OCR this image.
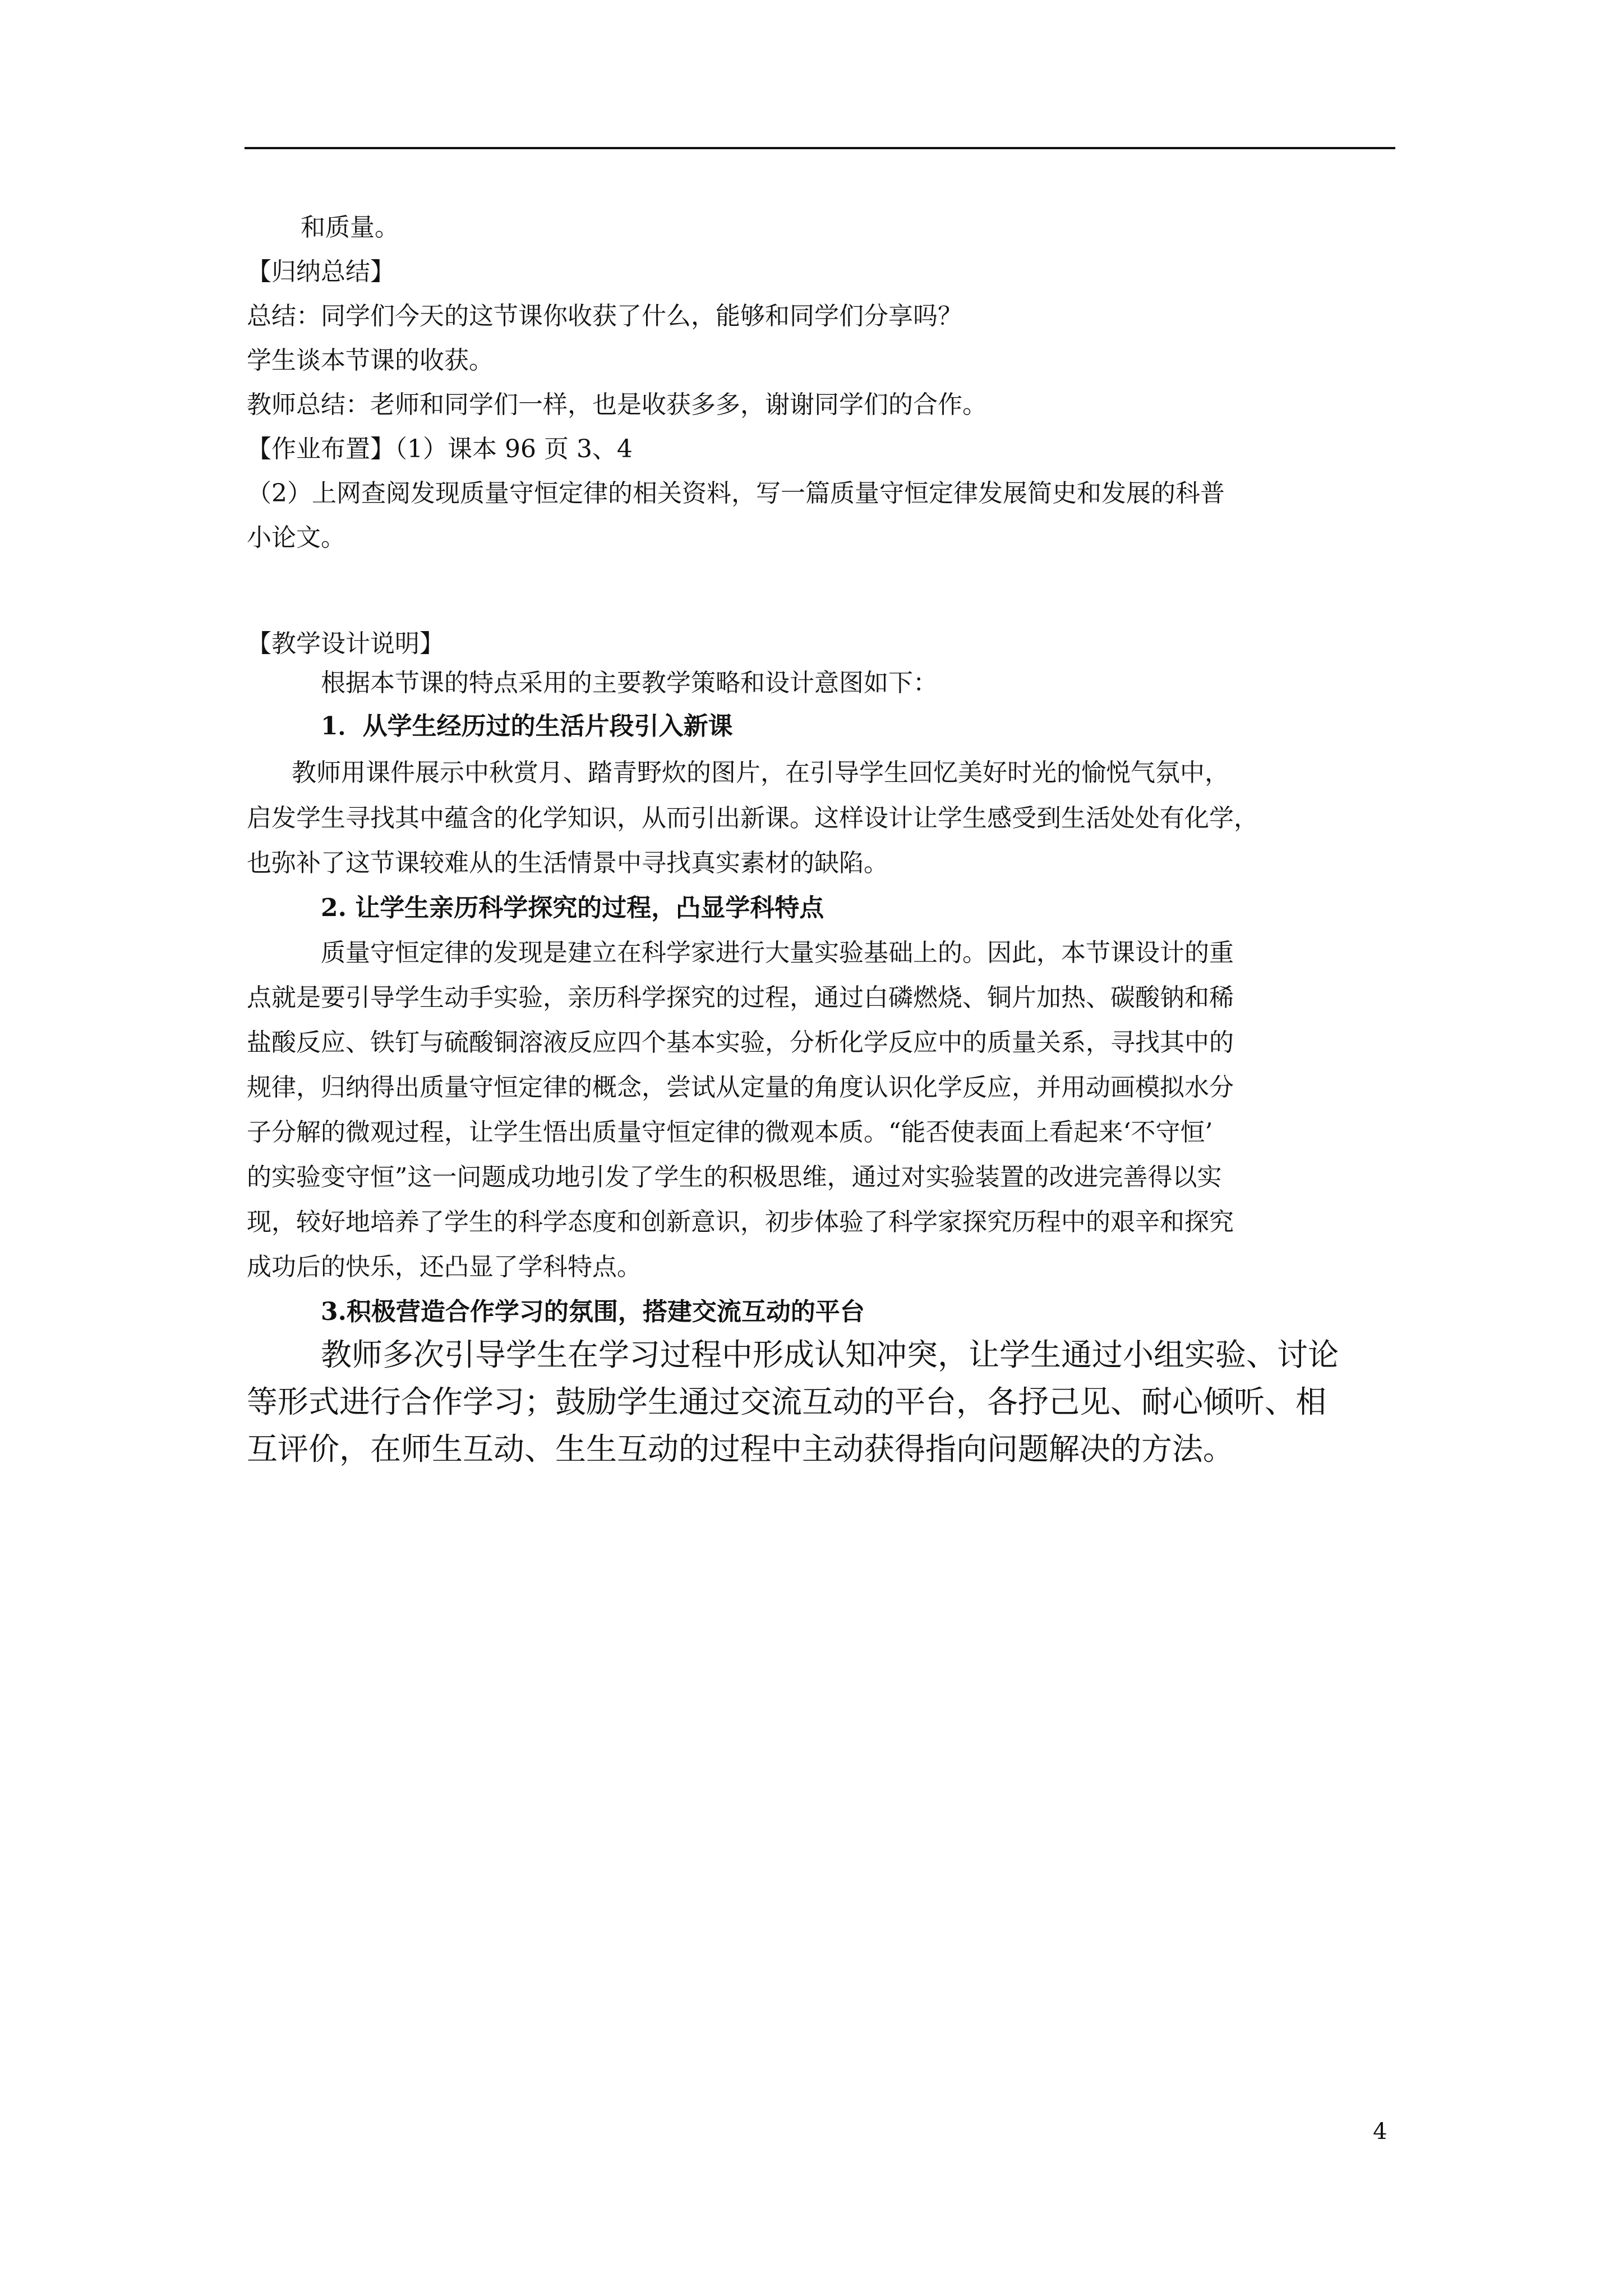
和质量。
【归纳总结】
总结：同学们今天的这节课你收获了什么，能够和同学们分享吗？
学生谈本节课的收获。
教师总结：老师和同学们一样，也是收获多多，谢谢同学们的合作。
【作业布置】（1）课本 96 页 3、4
（2）上网查阅发现质量守恒定律的相关资料，写一篇质量守恒定律发展简史和发展的科普
小论文。
【教学设计说明】
根据本节课的特点采用的主要教学策略和设计意图如下：
1．从学生经历过的生活片段引入新课
教师用课件展示中秋赏月、踏青野炊的图片，在引导学生回忆美好时光的愉悦气氛中，
启发学生寻找其中蕴含的化学知识，从而引出新课。这样设计让学生感受到生活处处有化学，
也弥补了这节课较难从的生活情景中寻找真实素材的缺陷。
2. 让学生亲历科学探究的过程，凸显学科特点
质量守恒定律的发现是建立在科学家进行大量实验基础上的。因此，本节课设计的重
点就是要引导学生动手实验，亲历科学探究的过程，通过白磷燃烧、铜片加热、碳酸钠和稀
盐酸反应、铁钉与硫酸铜溶液反应四个基本实验，分析化学反应中的质量关系，寻找其中的
规律，归纳得出质量守恒定律的概念，尝试从定量的角度认识化学反应，并用动画模拟水分
子分解的微观过程，让学生悟出质量守恒定律的微观本质。“能否使表面上看起来‘不守恒’
的实验变守恒”这一问题成功地引发了学生的积极思维，通过对实验装置的改进完善得以实
现，较好地培养了学生的科学态度和创新意识，初步体验了科学家探究历程中的艰辛和探究
成功后的快乐，还凸显了学科特点。
3.积极营造合作学习的氛围，搭建交流互动的平台
教师多次引导学生在学习过程中形成认知冲突，让学生通过小组实验、讨论
等形式进行合作学习；鼓励学生通过交流互动的平台，各抒己见、耐心倾听、相
互评价，在师生互动、生生互动的过程中主动获得指向问题解决的方法。
4
